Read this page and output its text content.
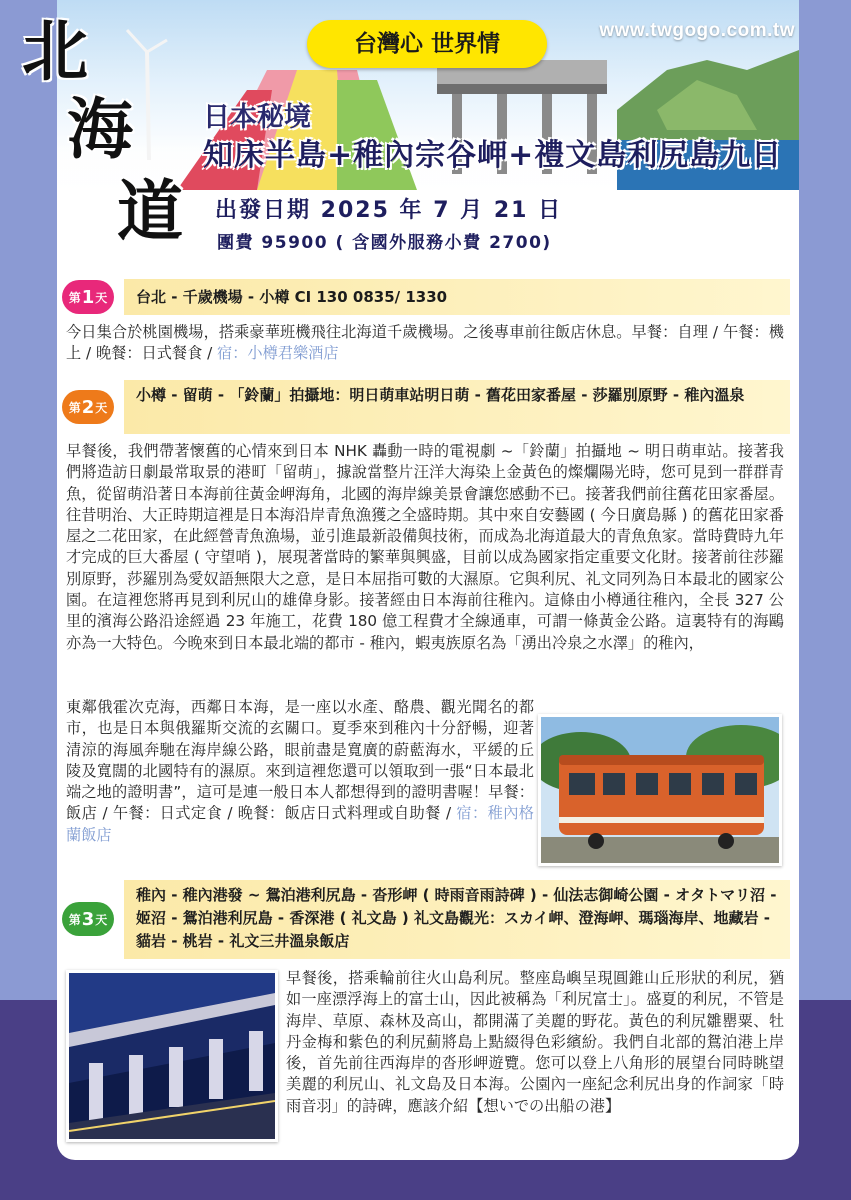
www.twgogo.com.tw
台灣心 世界情
北
海
道
日本秘境
知床半島+稚內宗谷岬+禮文島利尻島九日
出發日期 2025 年 7 月 21 日
團費 95900 ( 含國外服務小費 2700)
第 1 天	台北 - 千歲機場 - 小樽 CI 130 0835/ 1330
今日集合於桃園機場，搭乘豪華班機飛往北海道千歲機場。之後專車前往飯店休息。早餐：自理 / 午餐：機上 / 晚餐：日式餐食 / 宿：小樽君樂酒店
第 2 天
小樽 - 留萌 - 「鈴蘭」拍攝地：明日萌車站明日萌 - 舊花田家番屋 - 莎羅別原野 - 稚內溫泉
早餐後，我們帶著懷舊的心情來到日本 NHK 轟動一時的電視劇 ~「鈴蘭」拍攝地 ~ 明日萌車站。接著我們將造訪日劇最常取景的港町「留萌」，據說當整片汪洋大海染上金黃色的燦爛陽光時，您可見到一群群青魚，從留萌沿著日本海前往黃金岬海角，北國的海岸線美景會讓您感動不已。接著我們前往舊花田家番屋。往昔明治、大正時期這裡是日本海沿岸青魚漁獲之全盛時期。其中來自安藝國 ( 今日廣島縣 ) 的舊花田家番屋之二花田家，在此經營青魚漁場，並引進最新設備與技術，而成為北海道最大的青魚魚家。當時費時九年才完成的巨大番屋 ( 守望哨 )，展現著當時的繁華與興盛，目前以成為國家指定重要文化財。接著前往莎羅別原野，莎羅別為愛奴語無限大之意，是日本屈指可數的大濕原。它與利尻、礼文同列為日本最北的國家公園。在這裡您將再見到利尻山的雄偉身影。接著經由日本海前往稚內。這條由小樽通往稚內，全長 327 公里的濱海公路沿途經過 23 年施工，花費 180 億工程費才全線通車，可謂一條黃金公路。這裏特有的海鷗亦為一大特色。今晚來到日本最北端的都市 - 稚內，蝦夷族原名為「湧出冷泉之水澤」的稚內，
東鄰俄霍次克海，西鄰日本海，是一座以水產、酪農、觀光聞名的都市，也是日本與俄羅斯交流的玄關口。夏季來到稚內十分舒暢，迎著清涼的海風奔馳在海岸線公路，眼前盡是寬廣的蔚藍海水，平緩的丘陵及寬闊的北國特有的濕原。來到這裡您還可以領取到一張“日本最北端之地的證明書”，這可是連一般日本人都想得到的證明書喔！早餐：飯店 / 午餐：日式定食 / 晚餐：飯店日式料理或自助餐 / 宿：稚內格蘭飯店
第 3 天
稚內 - 稚內港發 ~ 鴛泊港利尻島 - 沓形岬 ( 時雨音雨詩碑 ) - 仙法志御崎公園 - オタトマリ沼 - 姬沼 - 鴛泊港利尻島 - 香深港 ( 礼文島 ) 礼文島觀光：スカイ岬、澄海岬、瑪瑙海岸、地藏岩 - 貓岩 - 桃岩 - 礼文三井溫泉飯店
早餐後，搭乘輪前往火山島利尻。整座島嶼呈現圓錐山丘形狀的利尻，猶如一座漂浮海上的富士山，因此被稱為「利尻富士」。盛夏的利尻，不管是海岸、草原、森林及高山，都開滿了美麗的野花。黃色的利尻雛罌粟、牡丹金梅和紫色的利尻薊將島上點綴得色彩繽紛。我們自北部的鴛泊港上岸後，首先前往西海岸的沓形岬遊覽。您可以登上八角形的展望台同時眺望美麗的利尻山、礼文島及日本海。公園內一座紀念利尻出身的作詞家「時雨音羽」的詩碑，應該介紹【想いでの出船の港】
